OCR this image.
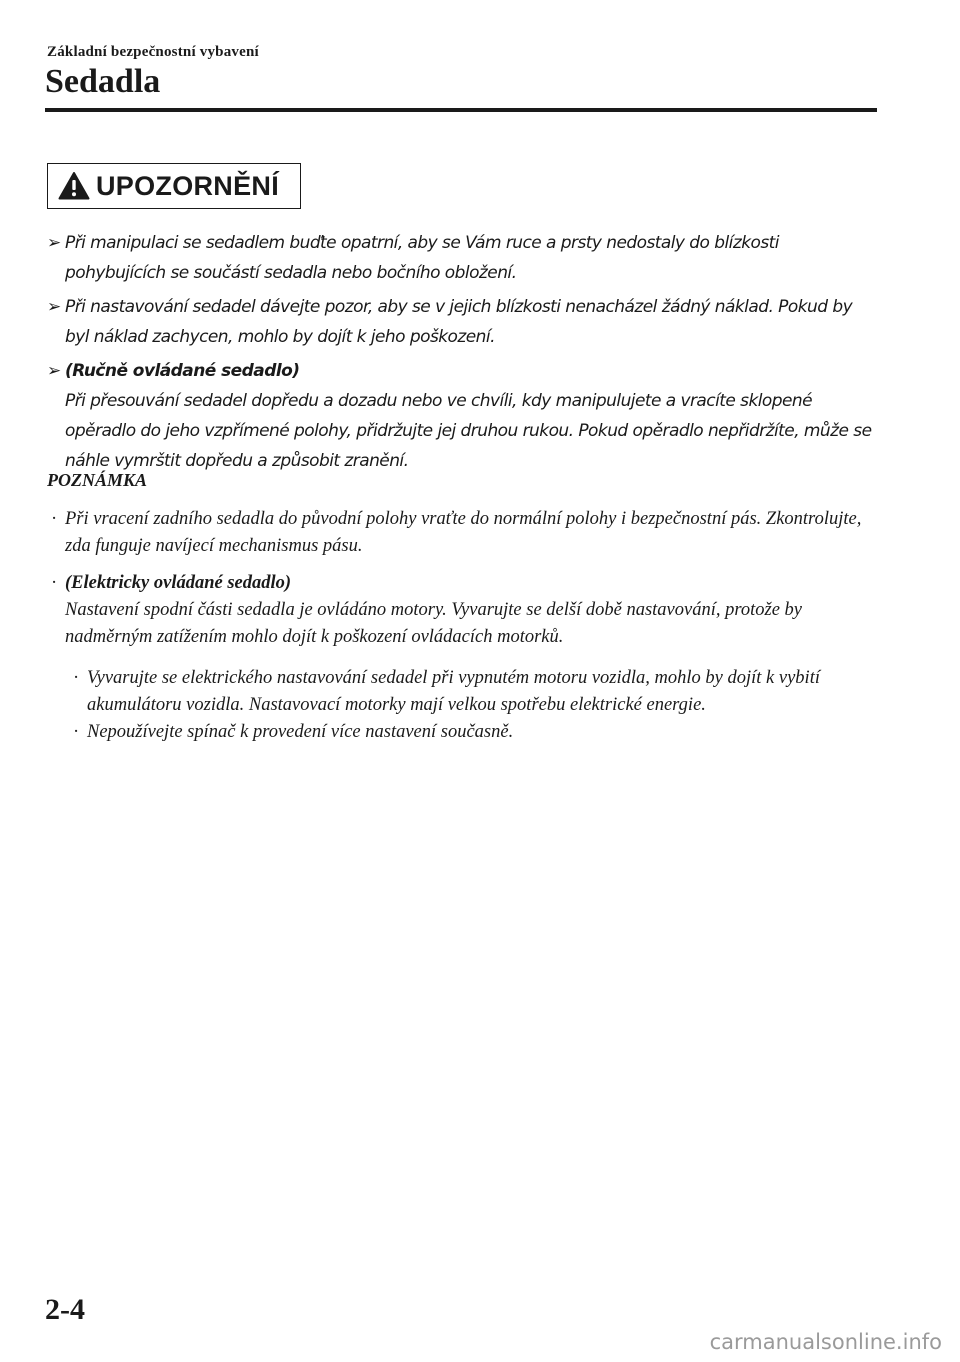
Základní bezpečnostní vybavení
Sedadla
UPOZORNĚNÍ
➢ Při manipulaci se sedadlem buďte opatrní, aby se Vám ruce a prsty nedostaly do blízkosti pohybujících se součástí sedadla nebo bočního obložení.
➢ Při nastavování sedadel dávejte pozor, aby se v jejich blízkosti nenacházel žádný náklad. Pokud by byl náklad zachycen, mohlo by dojít k jeho poškození.
➢ (Ručně ovládané sedadlo)
Při přesouvání sedadel dopředu a dozadu nebo ve chvíli, kdy manipulujete a vracíte sklopené opěradlo do jeho vzpřímené polohy, přidržujte jej druhou rukou. Pokud opěradlo nepřidržíte, může se náhle vymrštit dopředu a způsobit zranění.
POZNÁMKA
· Při vracení zadního sedadla do původní polohy vraťte do normální polohy i bezpečnostní pás. Zkontrolujte, zda funguje navíjecí mechanismus pásu.
· (Elektricky ovládané sedadlo)
Nastavení spodní části sedadla je ovládáno motory. Vyvarujte se delší době nastavování, protože by nadměrným zatížením mohlo dojít k poškození ovládacích motorků.
· Vyvarujte se elektrického nastavování sedadel při vypnutém motoru vozidla, mohlo by dojít k vybití akumulátoru vozidla. Nastavovací motorky mají velkou spotřebu elektrické energie.
· Nepoužívejte spínač k provedení více nastavení současně.
2-4
carmanualsonline.info
